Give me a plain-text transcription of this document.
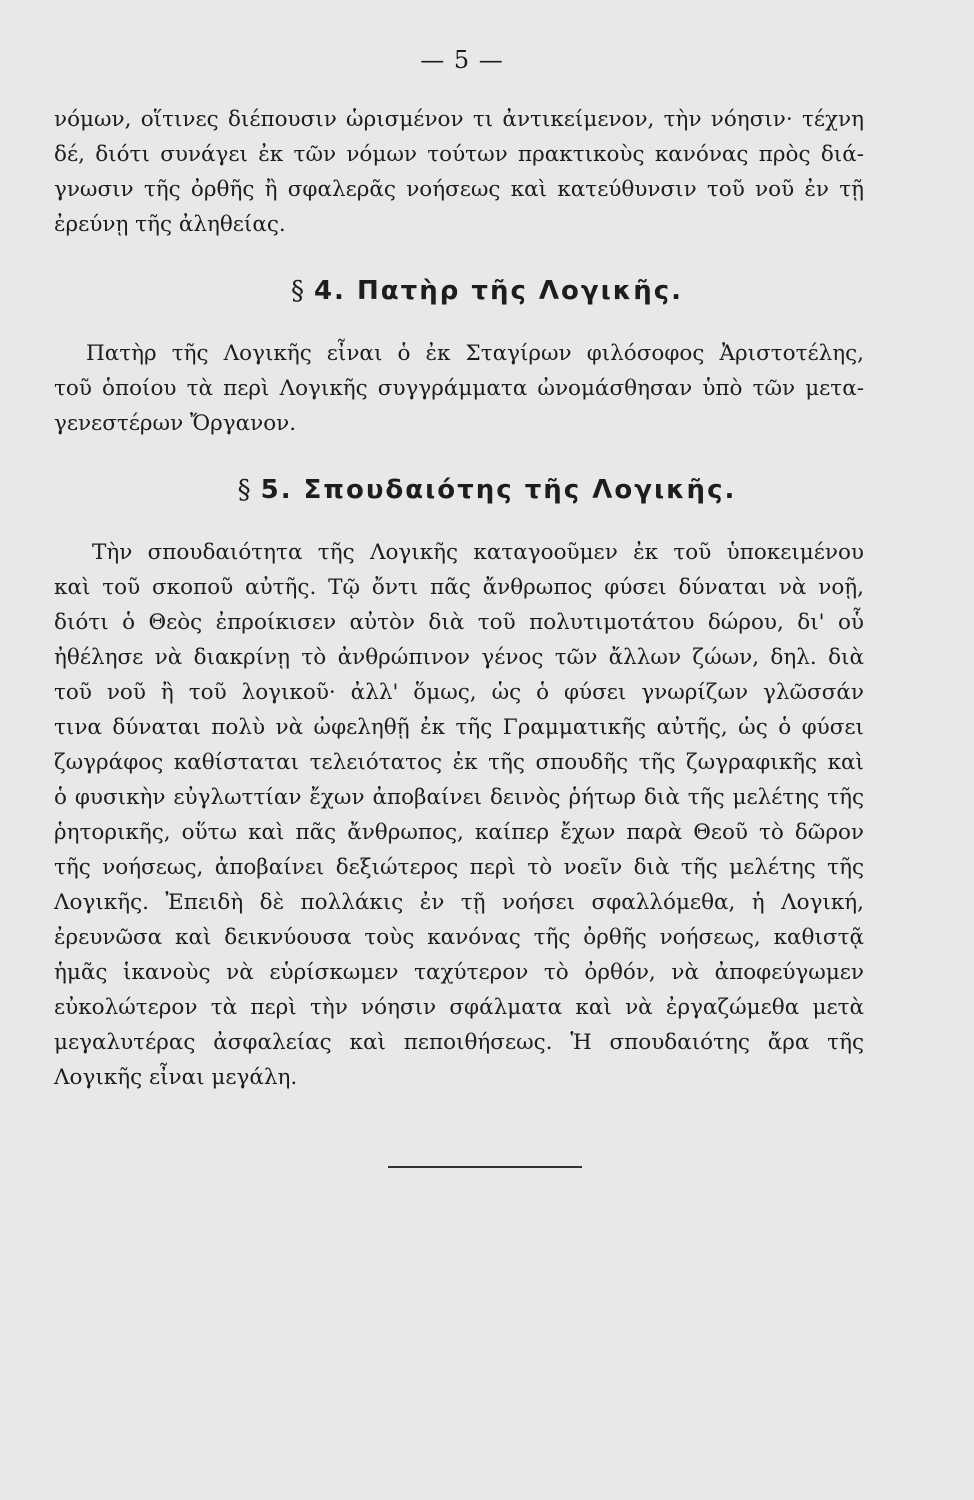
— 5 —
νόμων, οἵτινες διέπουσιν ὡρισμένον τι ἀντικείμενον, τὴν νόησιν· τέχνη
δέ, διότι συνάγει ἐκ τῶν νόμων τούτων πρακτικοὺς κανόνας πρὸς διά-
γνωσιν τῆς ὀρθῆς ἢ σφαλερᾶς νοήσεως καὶ κατεύθυνσιν τοῦ νοῦ ἐν τῇ
ἐρεύνῃ τῆς ἀληθείας.
§ 4. Πατὴρ τῆς Λογικῆς.
Πατὴρ τῆς Λογικῆς εἶναι ὁ ἐκ Σταγίρων φιλόσοφος Ἀριστοτέλης,
τοῦ ὁποίου τὰ περὶ Λογικῆς συγγράμματα ὠνομάσθησαν ὑπὸ τῶν μετα-
γενεστέρων Ὄργανον.
§ 5. Σπουδαιότης τῆς Λογικῆς.
Τὴν σπουδαιότητα τῆς Λογικῆς καταγοοῦμεν ἐκ τοῦ ὑποκειμένου
καὶ τοῦ σκοποῦ αὐτῆς. Τῷ ὄντι πᾶς ἄνθρωπος φύσει δύναται νὰ νοῇ,
διότι ὁ Θεὸς ἐπροίκισεν αὐτὸν διὰ τοῦ πολυτιμοτάτου δώρου, δι' οὗ
ἠθέλησε νὰ διακρίνῃ τὸ ἀνθρώπινον γένος τῶν ἄλλων ζώων, δηλ. διὰ
τοῦ νοῦ ἢ τοῦ λογικοῦ· ἀλλ' ὅμως, ὡς ὁ φύσει γνωρίζων γλῶσσάν
τινα δύναται πολὺ νὰ ὠφεληθῇ ἐκ τῆς Γραμματικῆς αὐτῆς, ὡς ὁ φύσει
ζωγράφος καθίσταται τελειότατος ἐκ τῆς σπουδῆς τῆς ζωγραφικῆς καὶ
ὁ φυσικὴν εὐγλωττίαν ἔχων ἀποβαίνει δεινὸς ῥήτωρ διὰ τῆς μελέτης τῆς
ῥητορικῆς, οὕτω καὶ πᾶς ἄνθρωπος, καίπερ ἔχων παρὰ Θεοῦ τὸ δῶρον
τῆς νοήσεως, ἀποβαίνει δεξιώτερος περὶ τὸ νοεῖν διὰ τῆς μελέτης τῆς
Λογικῆς. Ἐπειδὴ δὲ πολλάκις ἐν τῇ νοήσει σφαλλόμεθα, ἡ Λογική,
ἐρευνῶσα καὶ δεικνύουσα τοὺς κανόνας τῆς ὀρθῆς νοήσεως, καθιστᾷ
ἡμᾶς ἱκανοὺς νὰ εὑρίσκωμεν ταχύτερον τὸ ὀρθόν, νὰ ἀποφεύγωμεν
εὐκολώτερον τὰ περὶ τὴν νόησιν σφάλματα καὶ νὰ ἐργαζώμεθα μετὰ
μεγαλυτέρας ἀσφαλείας καὶ πεποιθήσεως. Ἡ σπουδαιότης ἄρα τῆς
Λογικῆς εἶναι μεγάλη.
